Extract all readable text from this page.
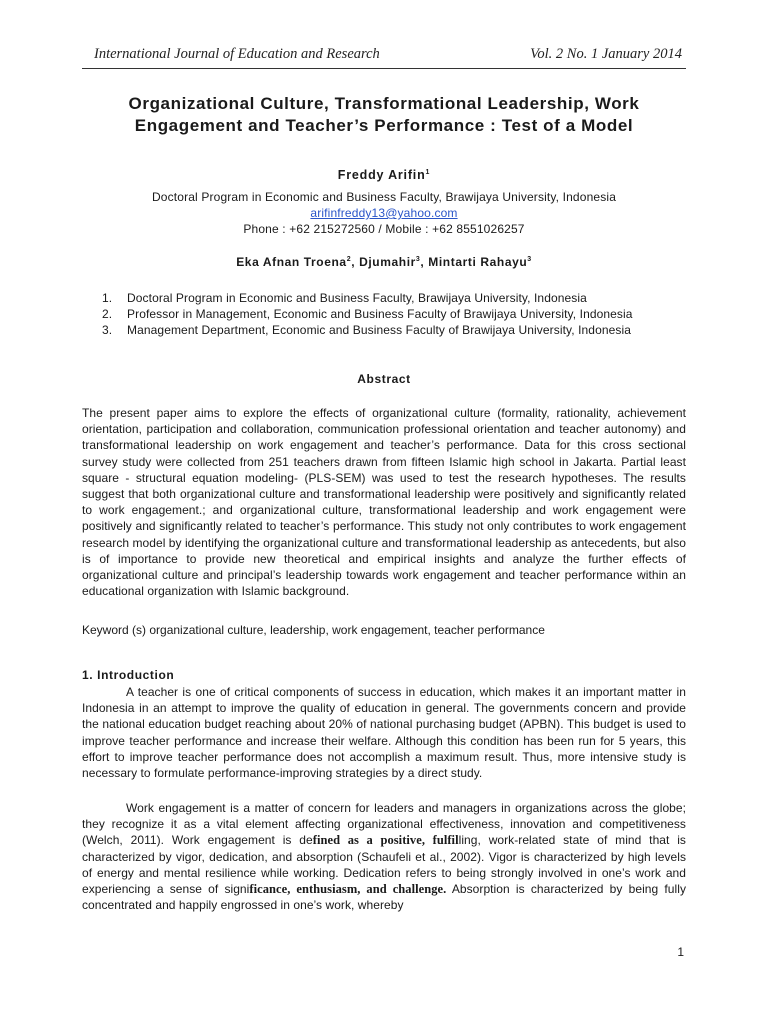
International Journal of Education and Research	Vol. 2 No. 1 January 2014
Organizational Culture, Transformational Leadership, Work
Engagement and Teacher’s Performance : Test of a Model
Freddy Arifin$^1$
Doctoral Program in Economic and Business Faculty, Brawijaya University, Indonesia
arifinfreddy13@yahoo.com
Phone : +62 215272560 / Mobile : +62 8551026257
Eka Afnan Troena$^2$, Djumahir$^3$, Mintarti Rahayu$^3$
1. Doctoral Program in Economic and Business Faculty, Brawijaya University, Indonesia
2. Professor in Management, Economic and Business Faculty of Brawijaya University, Indonesia
3. Management Department, Economic and Business Faculty of Brawijaya University, Indonesia
Abstract

The present paper aims to explore the effects of organizational culture (formality, rationality, achievement orientation, participation and collaboration, communication professional orientation and teacher autonomy) and transformational leadership on work engagement and teacher’s performance. Data for this cross sectional survey study were collected from 251 teachers drawn from fifteen Islamic high school in Jakarta. Partial least square - structural equation modeling- (PLS-SEM) was used to test the research hypotheses. The results suggest that both organizational culture and transformational leadership were positively and significantly related to work engagement.; and organizational culture, transformational leadership and work engagement were positively and significantly related to teacher’s performance. This study not only contributes to work engagement research model by identifying the organizational culture and transformational leadership as antecedents, but also is of importance to provide new theoretical and empirical insights and analyze the further effects of organizational culture and principal’s leadership towards work engagement and teacher performance within an educational organization with Islamic background.

Keyword (s) organizational culture, leadership, work engagement, teacher performance
1. Introduction

A teacher is one of critical components of success in education, which makes it an important matter in Indonesia in an attempt to improve the quality of education in general. The governments concern and provide the national education budget reaching about 20% of national purchasing budget (APBN). This budget is used to improve teacher performance and increase their welfare. Although this condition has been run for 5 years, this effort to improve teacher performance does not accomplish a maximum result. Thus, more intensive study is necessary to formulate performance-improving strategies by a direct study.

Work engagement is a matter of concern for leaders and managers in organizations across the globe; they recognize it as a vital element affecting organizational effectiveness, innovation and competitiveness (Welch, 2011). Work engagement is defined as a positive, fulfilling, work-related state of mind that is characterized by vigor, dedication, and absorption (Schaufeli et al., 2002). Vigor is characterized by high levels of energy and mental resilience while working. Dedication refers to being strongly involved in one’s work and experiencing a sense of significance, enthusiasm, and challenge. Absorption is characterized by being fully concentrated and happily engrossed in one’s work, whereby

1
